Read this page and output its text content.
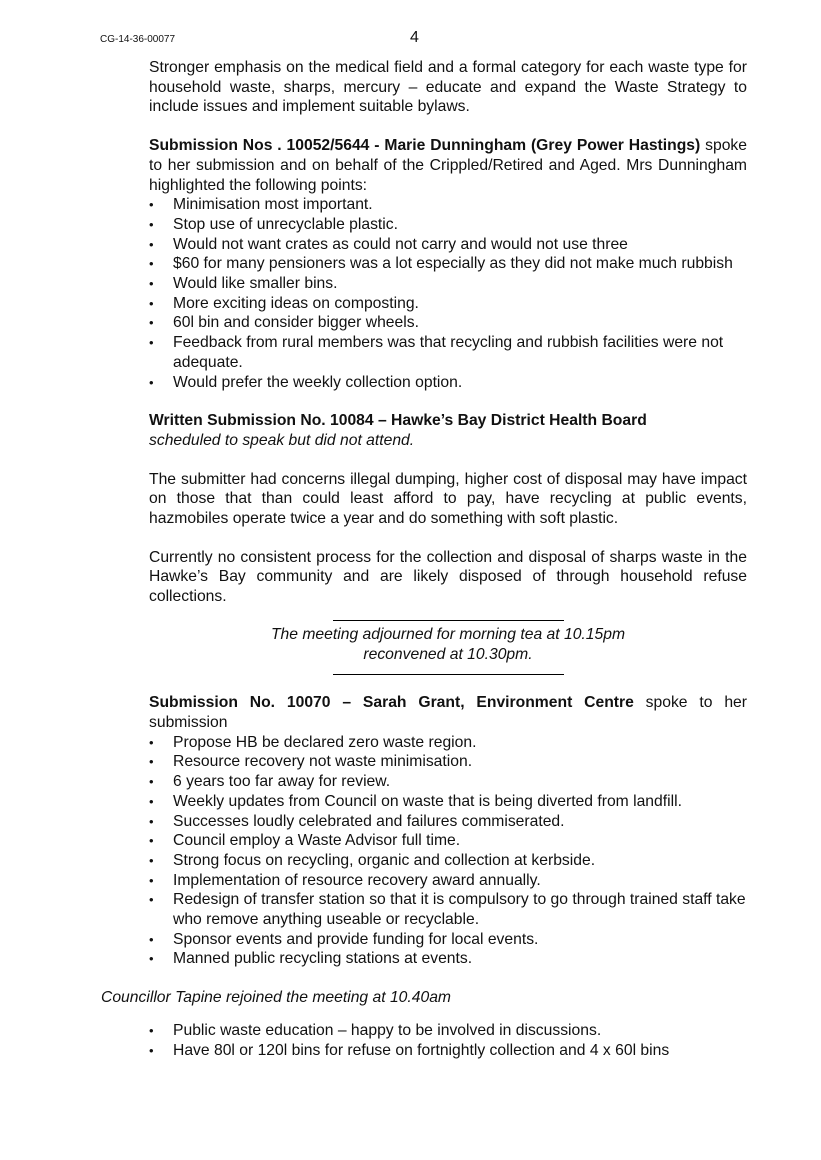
CG-14-36-00077	4

Stronger emphasis on the medical field and a formal category for each waste type for household waste, sharps, mercury – educate and expand the Waste Strategy to include issues and implement suitable bylaws.

Submission Nos . 10052/5644 - Marie Dunningham (Grey Power Hastings) spoke to her submission and on behalf of the Crippled/Retired and Aged. Mrs Dunningham highlighted the following points:

• Minimisation most important.
• Stop use of unrecyclable plastic.
• Would not want crates as could not carry and would not use three
• $60 for many pensioners was a lot especially as they did not make much rubbish
• Would like smaller bins.
• More exciting ideas on composting.
• 60l bin and consider bigger wheels.
• Feedback from rural members was that recycling and rubbish facilities were not adequate.
• Would prefer the weekly collection option.

Written Submission No. 10084 – Hawke’s Bay District Health Board

scheduled to speak but did not attend.

The submitter had concerns illegal dumping, higher cost of disposal may have impact on those that than could least afford to pay, have recycling at public events, hazmobiles operate twice a year and do something with soft plastic.

Currently no consistent process for the collection and disposal of sharps waste in the Hawke’s Bay community and are likely disposed of through household refuse collections.

The meeting adjourned for morning tea at 10.15pm

reconvened at 10.30pm.

Submission No. 10070 – Sarah Grant, Environment Centre spoke to her submission

• Propose HB be declared zero waste region.
• Resource recovery not waste minimisation.
• 6 years too far away for review.
• Weekly updates from Council on waste that is being diverted from landfill.
• Successes loudly celebrated and failures commiserated.
• Council employ a Waste Advisor full time.
• Strong focus on recycling, organic and collection at kerbside.
• Implementation of resource recovery award annually.
• Redesign of transfer station so that it is compulsory to go through trained staff take who remove anything useable or recyclable.
• Sponsor events and provide funding for local events.
• Manned public recycling stations at events.

Councillor Tapine rejoined the meeting at 10.40am

• Public waste education – happy to be involved in discussions.
• Have 80l or 120l bins for refuse on fortnightly collection and 4 x 60l bins
